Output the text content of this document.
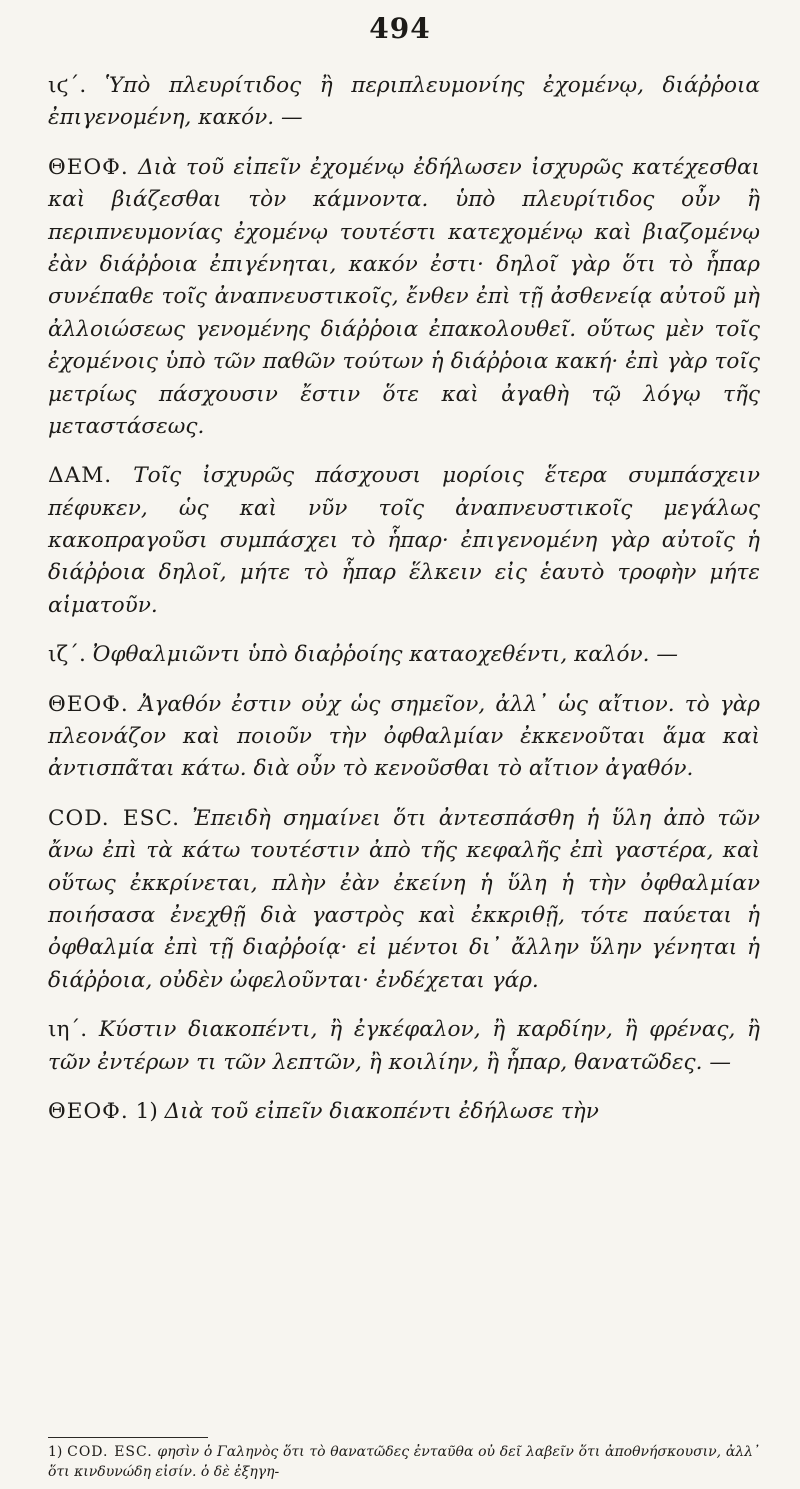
494

ιϛ΄. Ὑπὸ πλευρίτιδος ἢ περιπλευμονίης ἐχομένῳ, διάῤῥοια ἐπιγενομένη, κακόν. —

ΘΕΟΦ. Διὰ τοῦ εἰπεῖν ἐχομένῳ ἐδήλωσεν ἰσχυρῶς κατέχεσθαι καὶ βιάζεσθαι τὸν κάμνοντα. ὑπὸ πλευρίτιδος οὖν ἢ περιπνευμονίας ἐχομένῳ τουτέστι κατεχομένῳ καὶ βιαζομένῳ ἐὰν διάῤῥοια ἐπιγένηται, κακόν ἐστι· δηλοῖ γὰρ ὅτι τὸ ἧπαρ συνέπαθε τοῖς ἀναπνευστικοῖς, ἔνθεν ἐπὶ τῇ ἀσθενείᾳ αὐτοῦ μὴ ἀλλοιώσεως γενομένης διάῤῥοια ἐπακολουθεῖ. οὕτως μὲν τοῖς ἐχομένοις ὑπὸ τῶν παθῶν τούτων ἡ διάῤῥοια κακή· ἐπὶ γὰρ τοῖς μετρίως πάσχουσιν ἔστιν ὅτε καὶ ἀγαθὴ τῷ λόγῳ τῆς μεταστάσεως.

ΔΑΜ. Τοῖς ἰσχυρῶς πάσχουσι μορίοις ἕτερα συμπάσχειν πέφυκεν, ὡς καὶ νῦν τοῖς ἀναπνευστικοῖς μεγάλως κακοπραγοῦσι συμπάσχει τὸ ἧπαρ· ἐπιγενομένη γὰρ αὐτοῖς ἡ διάῤῥοια δηλοῖ, μήτε τὸ ἧπαρ ἕλκειν εἰς ἑαυτὸ τροφὴν μήτε αἱματοῦν.

ιζ΄. Ὀφθαλμιῶντι ὑπὸ διαῤῥοίης καταοχεθέντι, καλόν. —

ΘΕΟΦ. Ἀγαθόν ἐστιν οὐχ ὡς σημεῖον, ἀλλ᾿ ὡς αἴτιον. τὸ γὰρ πλεονάζον καὶ ποιοῦν τὴν ὀφθαλμίαν ἐκκενοῦται ἅμα καὶ ἀντισπᾶται κάτω. διὰ οὖν τὸ κενοῦσθαι τὸ αἴτιον ἀγαθόν.

COD. ESC. Ἐπειδὴ σημαίνει ὅτι ἀντεσπάσθη ἡ ὕλη ἀπὸ τῶν ἄνω ἐπὶ τὰ κάτω τουτέστιν ἀπὸ τῆς κεφαλῆς ἐπὶ γαστέρα, καὶ οὕτως ἐκκρίνεται, πλὴν ἐὰν ἐκείνη ἡ ὕλη ἡ τὴν ὀφθαλμίαν ποιήσασα ἐνεχθῇ διὰ γαστρὸς καὶ ἐκκριθῇ, τότε παύεται ἡ ὀφθαλμία ἐπὶ τῇ διαῤῥοίᾳ· εἰ μέντοι δι᾿ ἄλλην ὕλην γένηται ἡ διάῤῥοια, οὐδὲν ὠφελοῦνται· ἐνδέχεται γάρ.

ιη΄. Κύστιν διακοπέντι, ἢ ἐγκέφαλον, ἢ καρδίην, ἢ φρένας, ἢ τῶν ἐντέρων τι τῶν λεπτῶν, ἢ κοιλίην, ἢ ἧπαρ, θανατῶδες. —

ΘΕΟΦ. 1) Διὰ τοῦ εἰπεῖν διακοπέντι ἐδήλωσε τὴν

1) COD. ESC. φησὶν ὁ Γαληνὸς ὅτι τὸ θανατῶδες ἐνταῦθα οὐ δεῖ λαβεῖν ὅτι ἀποθνήσκουσιν, ἀλλ᾿ ὅτι κινδυνώδη εἰσίν. ὁ δὲ ἐξηγη-
